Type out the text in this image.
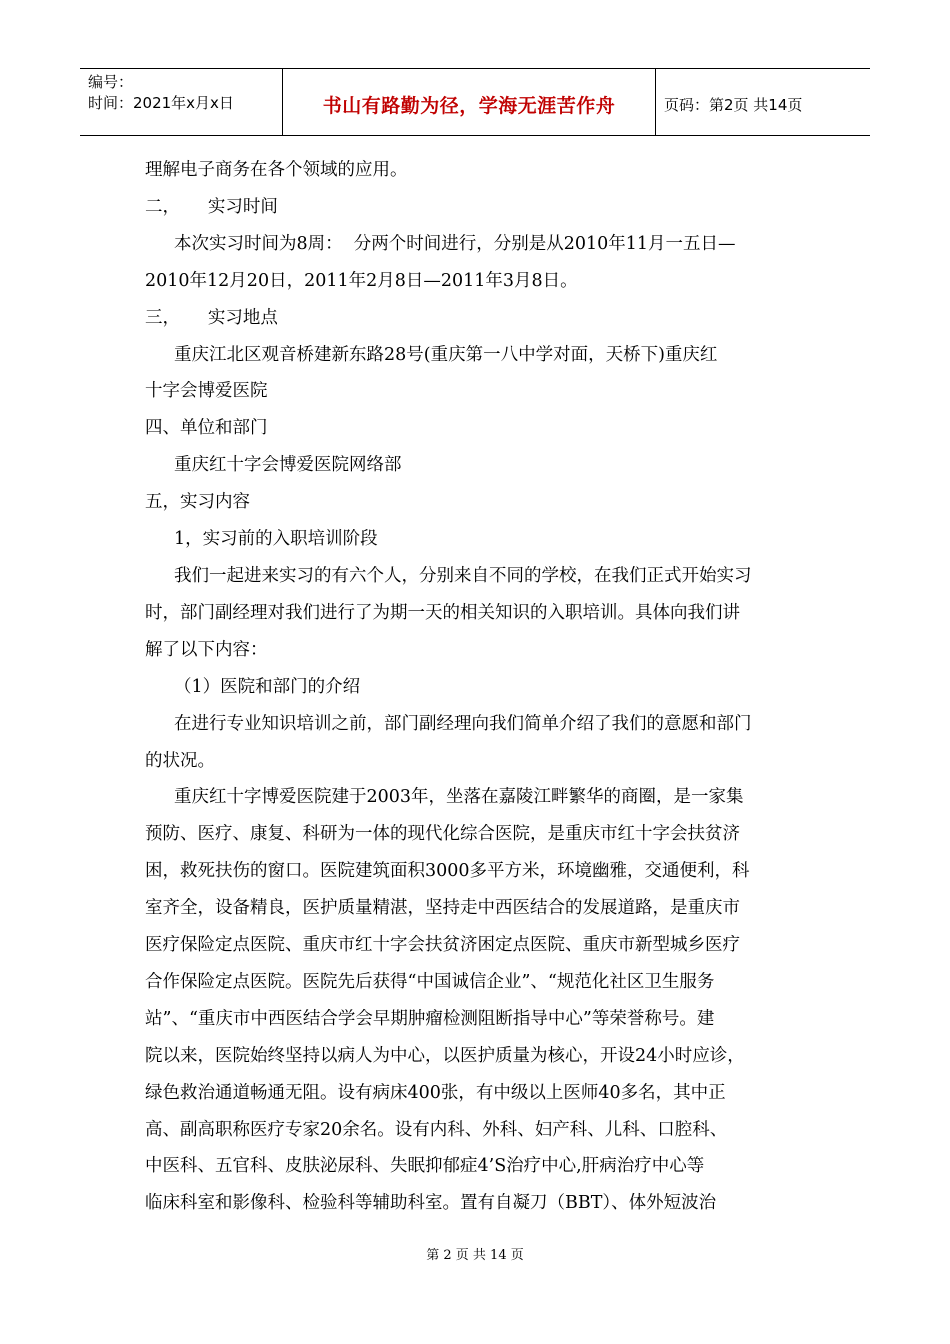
编号：
时间：2021年x月x日	书山有路勤为径，学海无涯苦作舟	页码：第2页 共14页
理解电子商务在各个领域的应用。
二，     实习时间
本次实习时间为8周：  分两个时间进行，分别是从2010年11月一五日—
2010年12月20日，2011年2月8日—2011年3月8日。
三，     实习地点
重庆江北区观音桥建新东路28号(重庆第一八中学对面，天桥下)重庆红
十字会博爱医院
四、单位和部门
重庆红十字会博爱医院网络部
五，实习内容
1，实习前的入职培训阶段
我们一起进来实习的有六个人，分别来自不同的学校，在我们正式开始实习
时，部门副经理对我们进行了为期一天的相关知识的入职培训。具体向我们讲
解了以下内容：
（1）医院和部门的介绍
在进行专业知识培训之前，部门副经理向我们简单介绍了我们的意愿和部门
的状况。
重庆红十字博爱医院建于2003年，坐落在嘉陵江畔繁华的商圈，是一家集
预防、医疗、康复、科研为一体的现代化综合医院，是重庆市红十字会扶贫济
困，救死扶伤的窗口。医院建筑面积3000多平方米，环境幽雅，交通便利，科
室齐全，设备精良，医护质量精湛，坚持走中西医结合的发展道路，是重庆市
医疗保险定点医院、重庆市红十字会扶贫济困定点医院、重庆市新型城乡医疗
合作保险定点医院。医院先后获得“中国诚信企业”、“规范化社区卫生服务
站”、“重庆市中西医结合学会早期肿瘤检测阻断指导中心”等荣誉称号。建
院以来，医院始终坚持以病人为中心，以医护质量为核心，开设24小时应诊，
绿色救治通道畅通无阻。设有病床400张，有中级以上医师40多名，其中正
高、副高职称医疗专家20余名。设有内科、外科、妇产科、儿科、口腔科、
中医科、五官科、皮肤泌尿科、失眠抑郁症4’S治疗中心,肝病治疗中心等
临床科室和影像科、检验科等辅助科室。置有自凝刀（BBT）、体外短波治
第 2 页 共 14 页
